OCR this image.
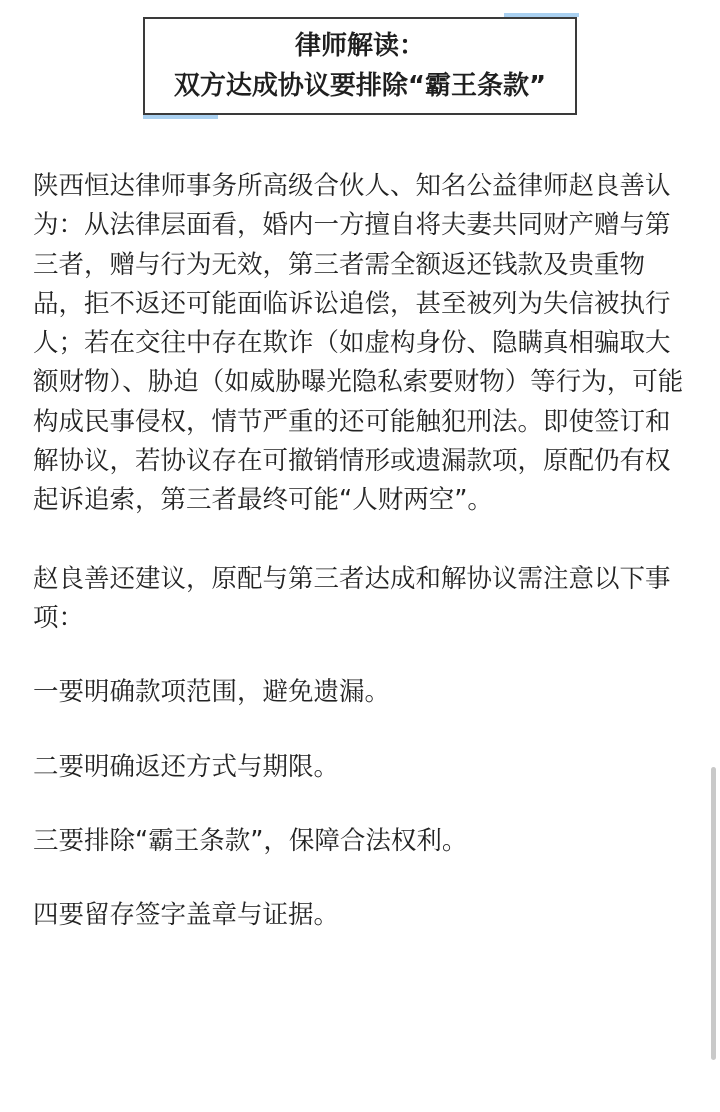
律师解读：
双方达成协议要排除“霸王条款”

陕西恒达律师事务所高级合伙人、知名公益律师赵良善认为：从法律层面看，婚内一方擅自将夫妻共同财产赠与第三者，赠与行为无效，第三者需全额返还钱款及贵重物品，拒不返还可能面临诉讼追偿，甚至被列为失信被执行人；若在交往中存在欺诈（如虚构身份、隐瞒真相骗取大额财物）、胁迫（如威胁曝光隐私索要财物）等行为，可能构成民事侵权，情节严重的还可能触犯刑法。即使签订和解协议，若协议存在可撤销情形或遗漏款项，原配仍有权起诉追索，第三者最终可能“人财两空”。

赵良善还建议，原配与第三者达成和解协议需注意以下事项：

一要明确款项范围，避免遗漏。

二要明确返还方式与期限。

三要排除“霸王条款”，保障合法权利。

四要留存签字盖章与证据。
